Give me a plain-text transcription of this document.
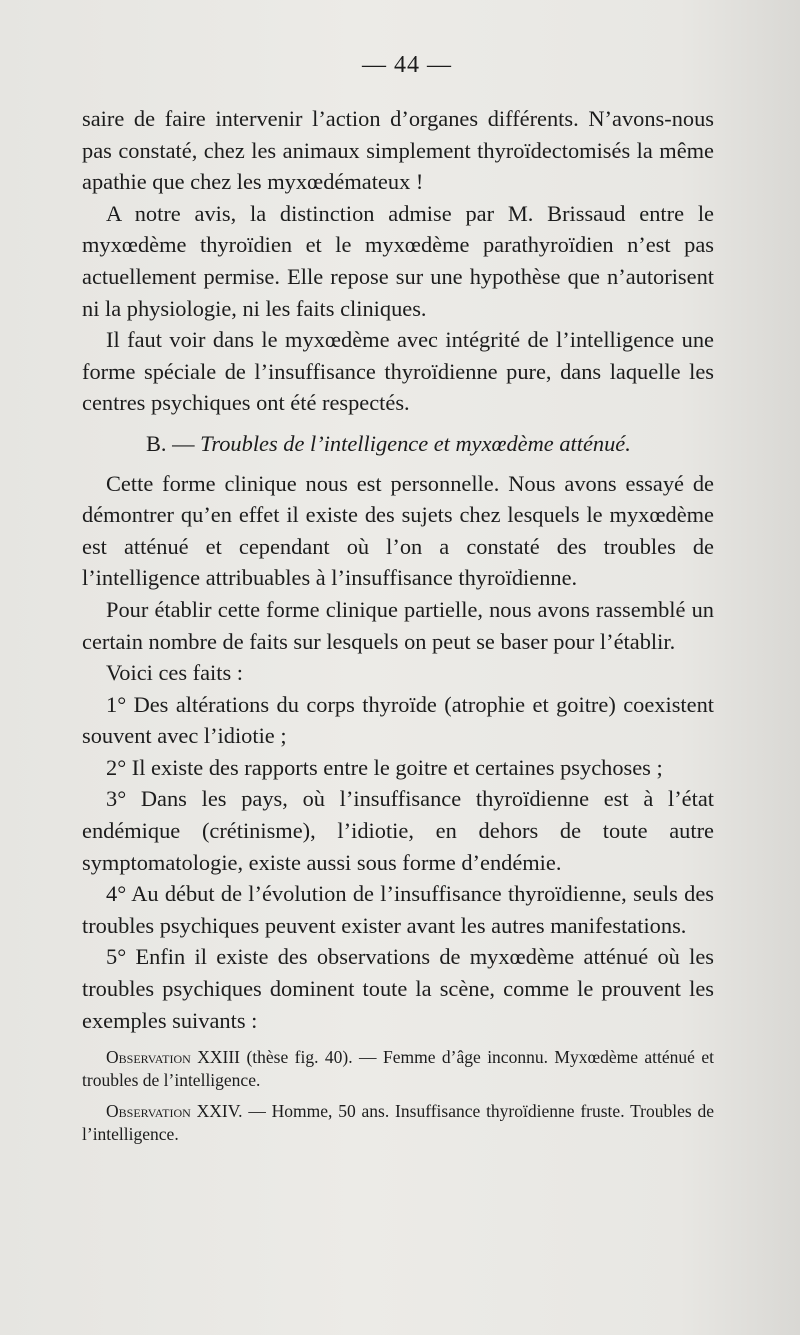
— 44 —

saire de faire intervenir l’action d’organes différents. N’avons-nous pas constaté, chez les animaux simplement thyroïdectomisés la même apathie que chez les myxœdémateux !

A notre avis, la distinction admise par M. Brissaud entre le myxœdème thyroïdien et le myxœdème parathyroïdien n’est pas actuellement permise. Elle repose sur une hypothèse que n’autorisent ni la physiologie, ni les faits cliniques.

Il faut voir dans le myxœdème avec intégrité de l’intelligence une forme spéciale de l’insuffisance thyroïdienne pure, dans laquelle les centres psychiques ont été respectés.

B. — Troubles de l’intelligence et myxœdème atténué.

Cette forme clinique nous est personnelle. Nous avons essayé de démontrer qu’en effet il existe des sujets chez lesquels le myxœdème est atténué et cependant où l’on a constaté des troubles de l’intelligence attribuables à l’insuffisance thyroïdienne.

Pour établir cette forme clinique partielle, nous avons rassemblé un certain nombre de faits sur lesquels on peut se baser pour l’établir.

Voici ces faits :

1° Des altérations du corps thyroïde (atrophie et goitre) coexistent souvent avec l’idiotie ;

2° Il existe des rapports entre le goitre et certaines psychoses ;

3° Dans les pays, où l’insuffisance thyroïdienne est à l’état endémique (crétinisme), l’idiotie, en dehors de toute autre symptomatologie, existe aussi sous forme d’endémie.

4° Au début de l’évolution de l’insuffisance thyroïdienne, seuls des troubles psychiques peuvent exister avant les autres manifestations.

5° Enfin il existe des observations de myxœdème atténué où les troubles psychiques dominent toute la scène, comme le prouvent les exemples suivants :

Observation XXIII (thèse fig. 40). — Femme d’âge inconnu. Myxœdème atténué et troubles de l’intelligence.

Observation XXIV. — Homme, 50 ans. Insuffisance thyroïdienne fruste. Troubles de l’intelligence.
